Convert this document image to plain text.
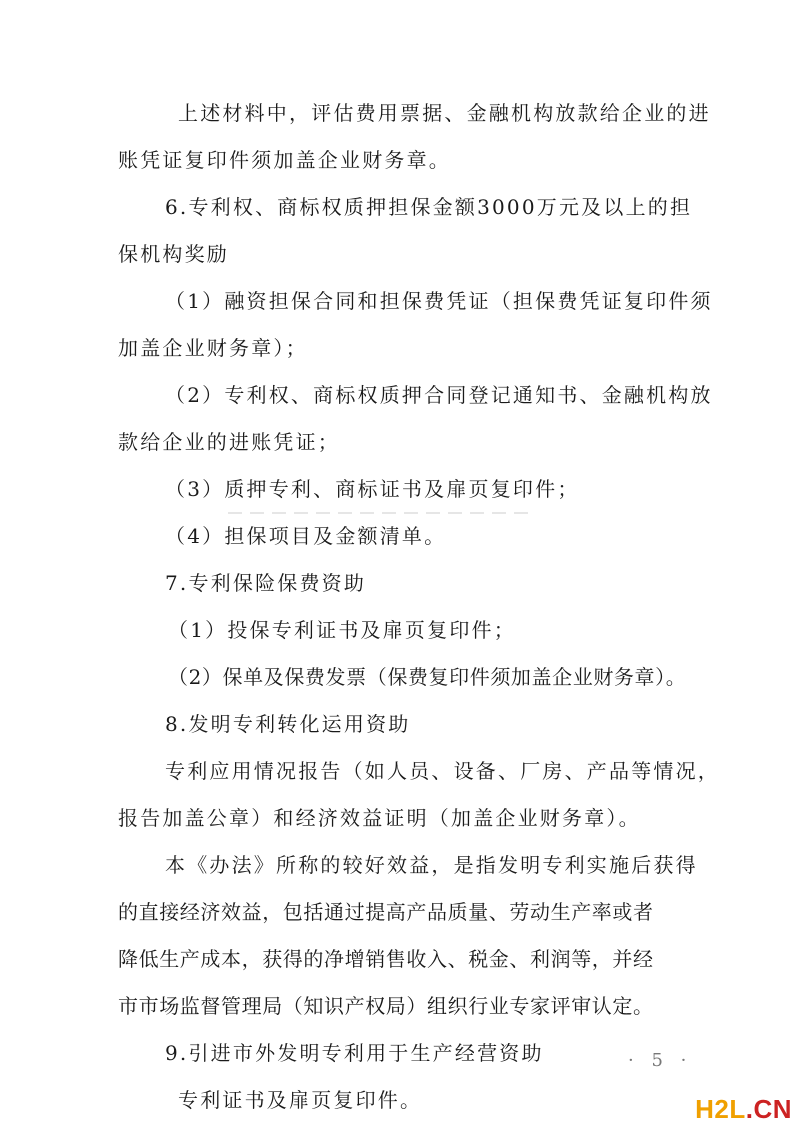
上述材料中，评估费用票据、金融机构放款给企业的进
账凭证复印件须加盖企业财务章。
6.专利权、商标权质押担保金额3000万元及以上的担
保机构奖励
（1）融资担保合同和担保费凭证（担保费凭证复印件须
加盖企业财务章）；
（2）专利权、商标权质押合同登记通知书、金融机构放
款给企业的进账凭证；
（3）质押专利、商标证书及扉页复印件；
（4）担保项目及金额清单。
7.专利保险保费资助
（1）投保专利证书及扉页复印件；
（2）保单及保费发票（保费复印件须加盖企业财务章）。
8.发明专利转化运用资助
专利应用情况报告（如人员、设备、厂房、产品等情况，
报告加盖公章）和经济效益证明（加盖企业财务章）。
本《办法》所称的较好效益，是指发明专利实施后获得
的直接经济效益，包括通过提高产品质量、劳动生产率或者
降低生产成本，获得的净增销售收入、税金、利润等，并经
市市场监督管理局（知识产权局）组织行业专家评审认定。
9.引进市外发明专利用于生产经营资助
专利证书及扉页复印件。
· 5 ·
H2L.CN
